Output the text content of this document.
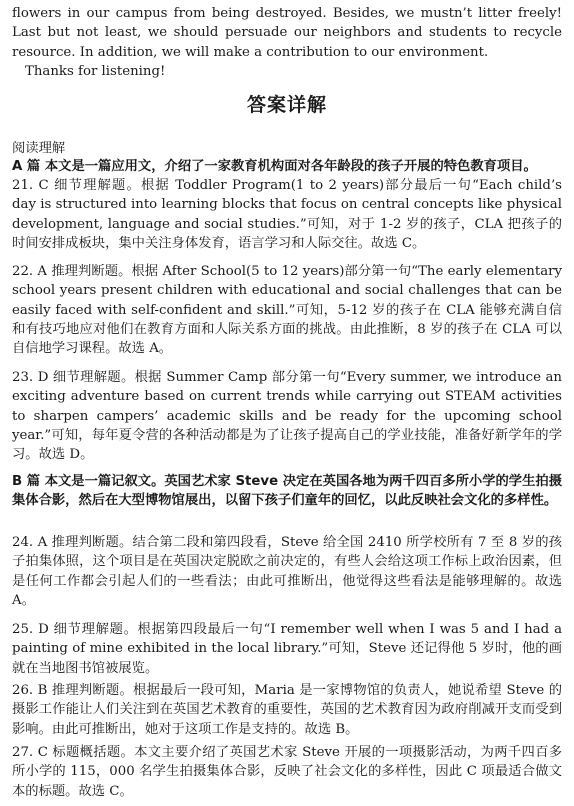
flowers in our campus from being destroyed. Besides, we mustn’t litter freely! Last but not least, we should persuade our neighbors and students to recycle resource. In addition, we will make a contribution to our environment.

Thanks for listening!

答案详解
阅读理解

A 篇 本文是一篇应用文，介绍了一家教育机构面对各年龄段的孩子开展的特色教育项目。

21. C 细节理解题。根据 Toddler Program(1 to 2 years)部分最后一句“Each child’s day is structured into learning blocks that focus on central concepts like physical development, language and social studies.”可知，对于 1-2 岁的孩子，CLA 把孩子的时间安排成板块，集中关注身体发育，语言学习和人际交往。故选 C。

22. A 推理判断题。根据 After School(5 to 12 years)部分第一句“The early elementary school years present children with educational and social challenges that can be easily faced with self-confident and skill.”可知，5-12 岁的孩子在 CLA 能够充满自信和有技巧地应对他们在教育方面和人际关系方面的挑战。由此推断，8 岁的孩子在 CLA 可以自信地学习课程。故选 A。

23. D 细节理解题。根据 Summer Camp 部分第一句“Every summer, we introduce an exciting adventure based on current trends while carrying out STEAM activities to sharpen campers’ academic skills and be ready for the upcoming school year.”可知，每年夏令营的各种活动都是为了让孩子提高自己的学业技能，准备好新学年的学习。故选 D。

B 篇 本文是一篇记叙文。英国艺术家 Steve 决定在英国各地为两千四百多所小学的学生拍摄集体合影，然后在大型博物馆展出，以留下孩子们童年的回忆，以此反映社会文化的多样性。

24. A 推理判断题。结合第二段和第四段看，Steve 给全国 2410 所学校所有 7 至 8 岁的孩子拍集体照，这个项目是在英国决定脱欧之前决定的，有些人会给这项工作标上政治因素，但是任何工作都会引起人们的一些看法；由此可推断出，他觉得这些看法是能够理解的。故选 A。

25. D 细节理解题。根据第四段最后一句“I remember well when I was 5 and I had a painting of mine exhibited in the local library.”可知，Steve 还记得他 5 岁时，他的画就在当地图书馆被展览。

26. B 推理判断题。根据最后一段可知，Maria 是一家博物馆的负责人，她说希望 Steve 的摄影工作能让人们关注到在英国艺术教育的重要性，英国的艺术教育因为政府削减开支而受到影响。由此可推断出，她对于这项工作是支持的。故选 B。

27. C 标题概括题。本文主要介绍了英国艺术家 Steve 开展的一项摄影活动，为两千四百多所小学的 115，000 名学生拍摄集体合影，反映了社会文化的多样性，因此 C 项最适合做文本的标题。故选 C。
